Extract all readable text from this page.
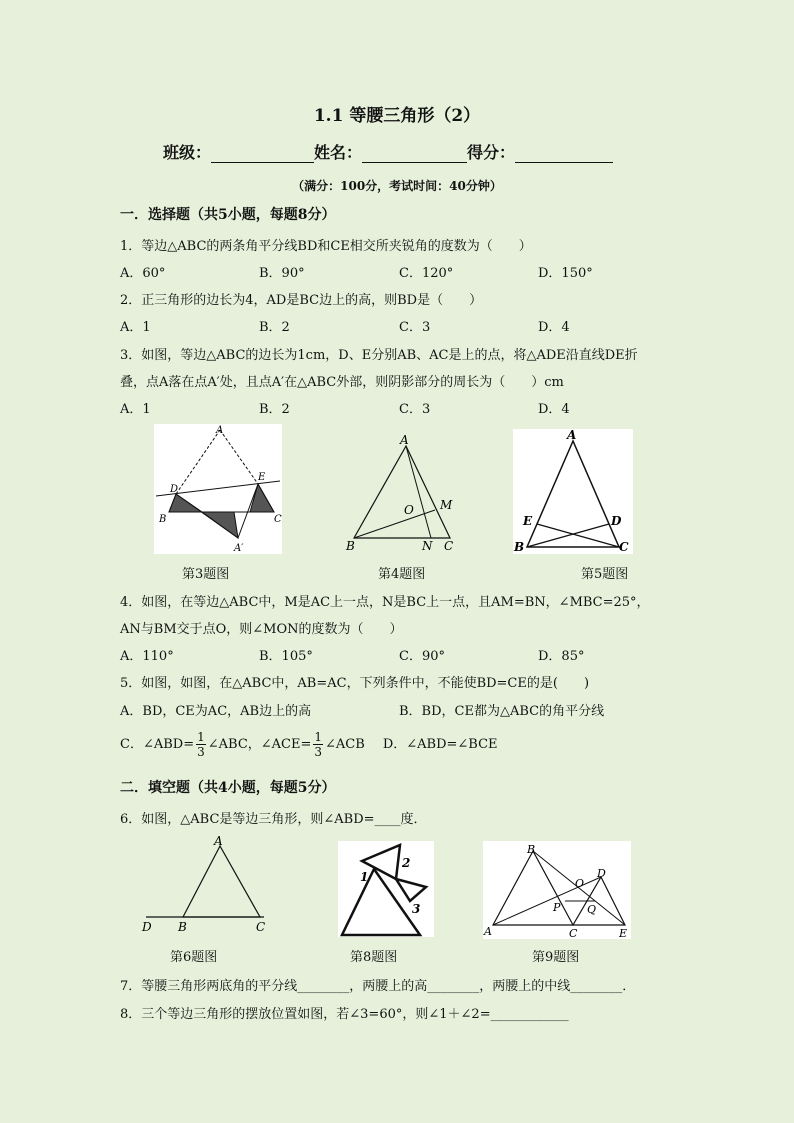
1.1 等腰三角形（2）
班级：	姓名：	得分：
（满分：100分，考试时间：40分钟）
一．选择题（共5小题，每题8分）
1．等边△ABC的两条角平分线BD和CE相交所夹锐角的度数为（　　）
A．60°	B．90°	C．120°	D．150°
2．正三角形的边长为4，AD是BC边上的高，则BD是（　　）
A．1	B．2	C．3	D．4
3．如图，等边△ABC的边长为1cm，D、E分别AB、AC是上的点，将△ADE沿直线DE折
叠，点A落在点A′处，且点A′在△ABC外部，则阴影部分的周长为（　　）cm
A．1	B．2	C．3	D．4
A
D
E
B	C
A′
第3题图
A
M
O
B	N C
第4题图
A
E	D
B	C
第5题图
4．如图，在等边△ABC中，M是AC上一点，N是BC上一点，且AM=BN，∠MBC=25°，
AN与BM交于点O，则∠MON的度数为（　　）
A．110°	B．105°	C．90°	D．85°
5．如图，如图，在△ABC中，AB=AC，下列条件中，不能使BD=CE的是(　　)
A．BD，CE为AC，AB边上的高	B．BD，CE都为△ABC的角平分线
C．∠ABD= $\frac{1}{3}$ ∠ABC，∠ACE= $\frac{1}{3}$ ∠ACB D．∠ABD=∠BCE
二．填空题（共4小题，每题5分）
6．如图，△ABC是等边三角形，则∠ABD=____度．
A
D B	C
第6题图
1
2
3
第8题图
B
O
D
P Q
A	C	E
第9题图
7．等腰三角形两底角的平分线________，两腰上的高________，两腰上的中线________．
8．三个等边三角形的摆放位置如图，若∠3=60°，则∠1＋∠2=____________
